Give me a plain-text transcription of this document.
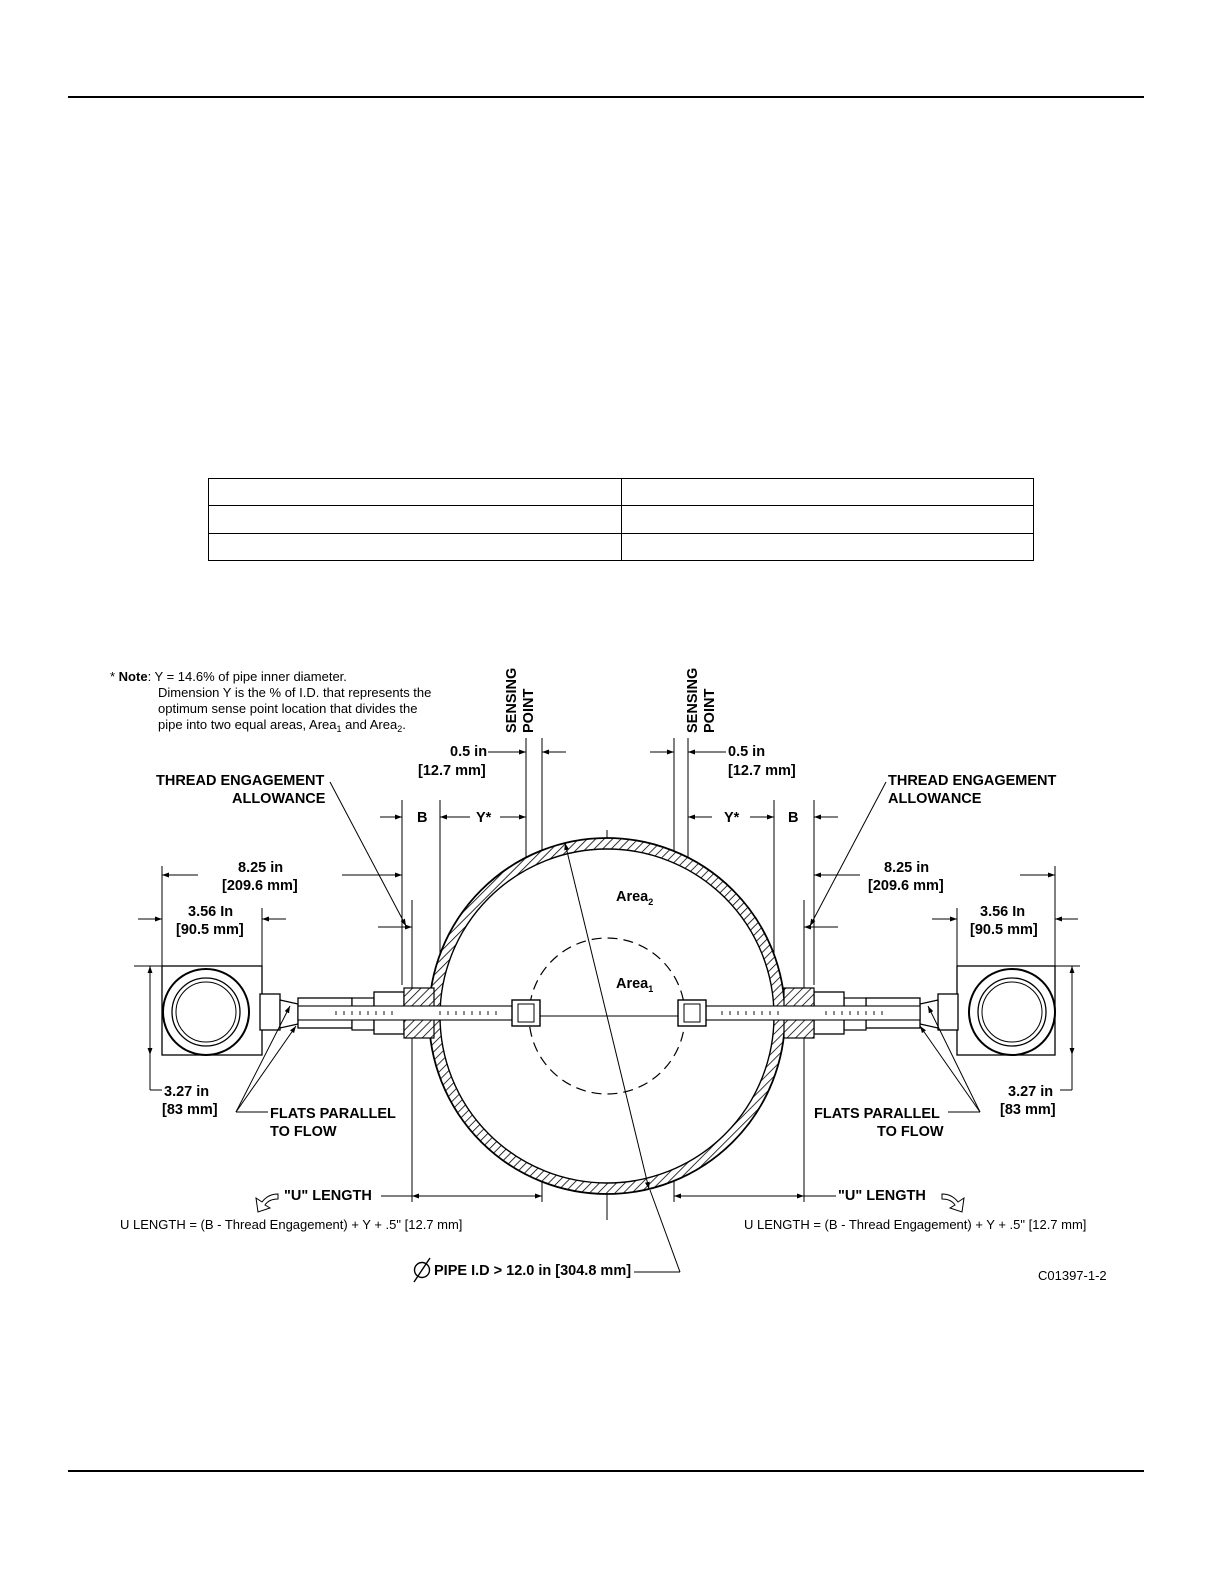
* Note: Y = 14.6% of pipe inner diameter.
Dimension Y is the % of I.D. that represents the
optimum sense point location that divides the
pipe into two equal areas, Area$_1$ and Area$_2$.	SENSING POINT	SENSING POINT
0.5 in
[12.7 mm]
0.5 in
[12.7 mm]
THREAD ENGAGEMENT
ALLOWANCE
THREAD ENGAGEMENT
ALLOWANCE
B	Y*	Y*	B
8.25 in
[209.6 mm]
8.25 in
[209.6 mm]
3.56 In
[90.5 mm]
3.56 In
[90.5 mm]
Area$_2$
Area$_1$
3.27 in
[83 mm]
3.27 in
[83 mm]
FLATS PARALLEL
TO FLOW
FLATS PARALLEL
TO FLOW
"U" LENGTH
U LENGTH = (B - Thread Engagement) + Y + .5" [12.7 mm]
"U" LENGTH
U LENGTH = (B - Thread Engagement) + Y + .5" [12.7 mm]
PIPE I.D > 12.0 in [304.8 mm]	C01397-1-2
